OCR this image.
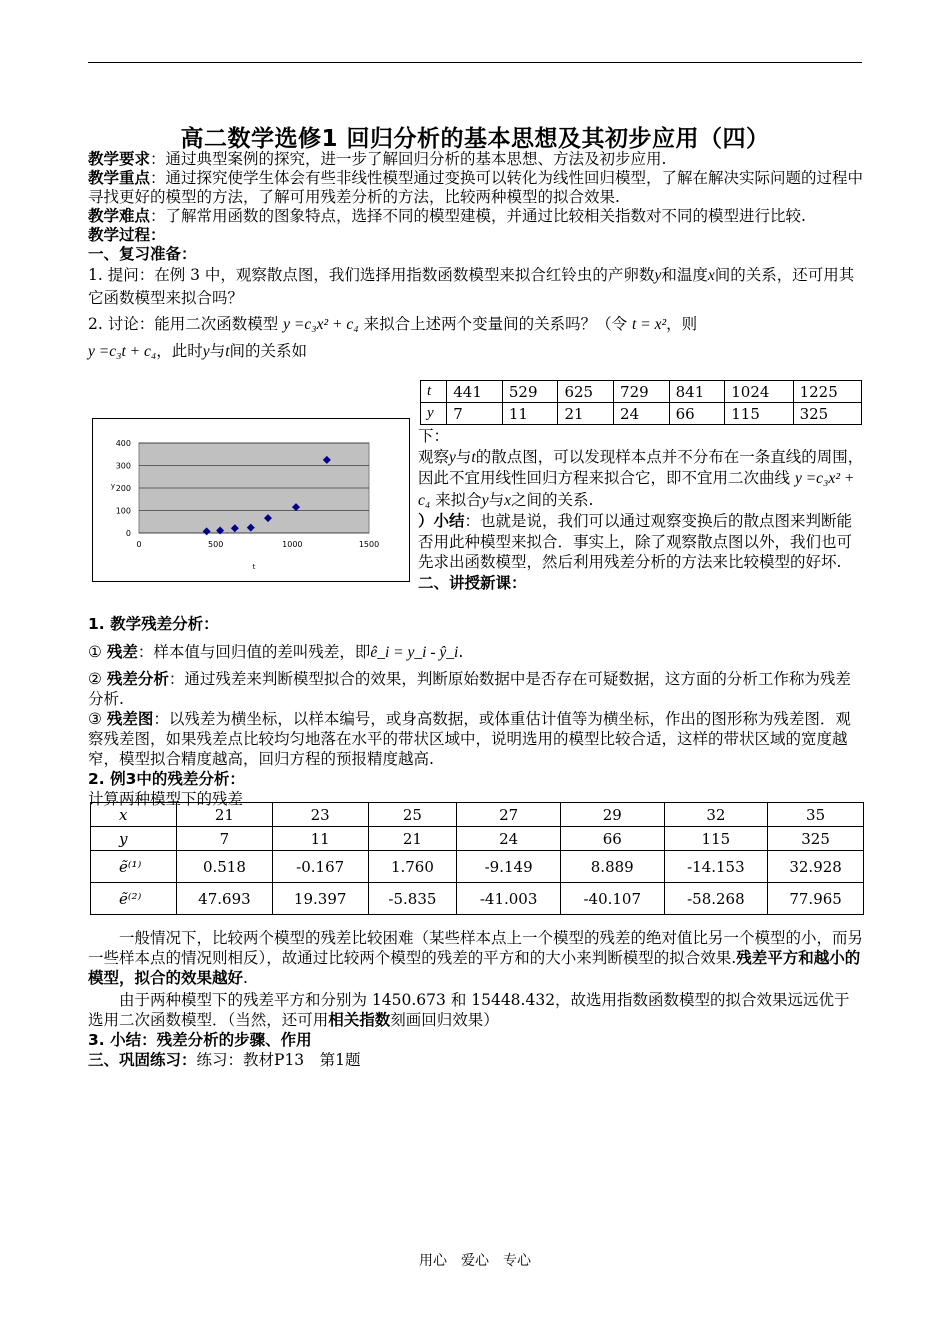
高二数学选修1 回归分析的基本思想及其初步应用（四）
教学要求：通过典型案例的探究，进一步了解回归分析的基本思想、方法及初步应用.
教学重点：通过探究使学生体会有些非线性模型通过变换可以转化为线性回归模型，了解在解决实际问题的过程中寻找更好的模型的方法，了解可用残差分析的方法，比较两种模型的拟合效果.
教学难点：了解常用函数的图象特点，选择不同的模型建模，并通过比较相关指数对不同的模型进行比较.
教学过程：
一、复习准备：
1. 提问：在例 3 中，观察散点图，我们选择用指数函数模型来拟合红铃虫的产卵数y和温度x间的关系，还可用其它函数模型来拟合吗？
2. 讨论：能用二次函数模型 y =c₃x² + c₄ 来拟合上述两个变量间的关系吗？（令 t = x²，则
y =c₃t + c₄，此时y与t间的关系如
t	441	529	625	729	841	1024	1225
y	7	11	21	24	66	115	325
0
100
200
300
400
0	500	1000	1500
y
t
下：
观察y与t的散点图，可以发现样本点并不分布在一条直线的周围，因此不宜用线性回归方程来拟合它，即不宜用二次曲线 y =c₃x² + c₄ 来拟合y与x之间的关系.
）小结：也就是说，我们可以通过观察变换后的散点图来判断能否用此种模型来拟合．事实上，除了观察散点图以外，我们也可先求出函数模型，然后利用残差分析的方法来比较模型的好坏.
二、讲授新课：
1. 教学残差分析：
① 残差：样本值与回归值的差叫残差，即ê_i = y_i - ŷ_i.
② 残差分析：通过残差来判断模型拟合的效果，判断原始数据中是否存在可疑数据，这方面的分析工作称为残差分析.
③ 残差图：以残差为横坐标，以样本编号，或身高数据，或体重估计值等为横坐标，作出的图形称为残差图．观察残差图，如果残差点比较均匀地落在水平的带状区域中，说明选用的模型比较合适，这样的带状区域的宽度越窄，模型拟合精度越高，回归方程的预报精度越高.
2. 例3中的残差分析：
计算两种模型下的残差
x	21	23	25	27	29	32	35
y	7	11	21	24	66	115	325
ẽ⁽¹⁾	0.518	-0.167	1.760	-9.149	8.889	-14.153	32.928
ẽ⁽²⁾	47.693	19.397	-5.835	-41.003	-40.107	-58.268	77.965
一般情况下，比较两个模型的残差比较困难（某些样本点上一个模型的残差的绝对值比另一个模型的小，而另一些样本点的情况则相反），故通过比较两个模型的残差的平方和的大小来判断模型的拟合效果.残差平方和越小的模型，拟合的效果越好.
由于两种模型下的残差平方和分别为 1450.673 和 15448.432，故选用指数函数模型的拟合效果远远优于选用二次函数模型．（当然，还可用相关指数刻画回归效果）
3. 小结：残差分析的步骤、作用
三、巩固练习：练习：教材P13　第1题
用心　爱心　专心
